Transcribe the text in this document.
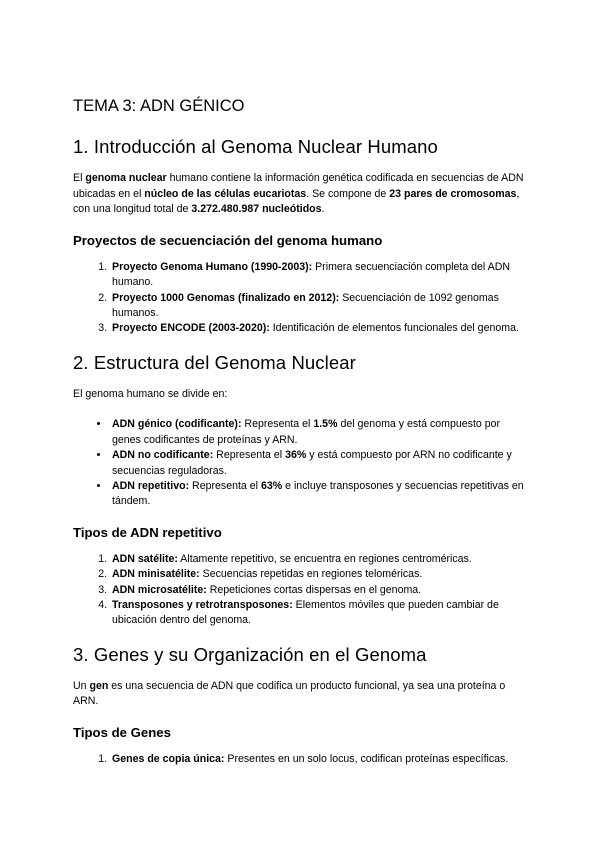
TEMA 3: ADN GÉNICO
1. Introducción al Genoma Nuclear Humano

El genoma nuclear humano contiene la información genética codificada en secuencias de ADN ubicadas en el núcleo de las células eucariotas. Se compone de 23 pares de cromosomas, con una longitud total de 3.272.480.987 nucleótidos.

Proyectos de secuenciación del genoma humano
1. Proyecto Genoma Humano (1990-2003): Primera secuenciación completa del ADN humano.
2. Proyecto 1000 Genomas (finalizado en 2012): Secuenciación de 1092 genomas humanos.
3. Proyecto ENCODE (2003-2020): Identificación de elementos funcionales del genoma.
2. Estructura del Genoma Nuclear

El genoma humano se divide en:

• ADN génico (codificante): Representa el 1.5% del genoma y está compuesto por genes codificantes de proteínas y ARN.
• ADN no codificante: Representa el 36% y está compuesto por ARN no codificante y secuencias reguladoras.
• ADN repetitivo: Representa el 63% e incluye transposones y secuencias repetitivas en tándem.
Tipos de ADN repetitivo
1. ADN satélite: Altamente repetitivo, se encuentra en regiones centroméricas.
2. ADN minisatélite: Secuencias repetidas en regiones teloméricas.
3. ADN microsatélite: Repeticiones cortas dispersas en el genoma.
4. Transposones y retrotransposones: Elementos móviles que pueden cambiar de ubicación dentro del genoma.
3. Genes y su Organización en el Genoma

Un gen es una secuencia de ADN que codifica un producto funcional, ya sea una proteína o ARN.

Tipos de Genes
1. Genes de copia única: Presentes en un solo locus, codifican proteínas específicas.
